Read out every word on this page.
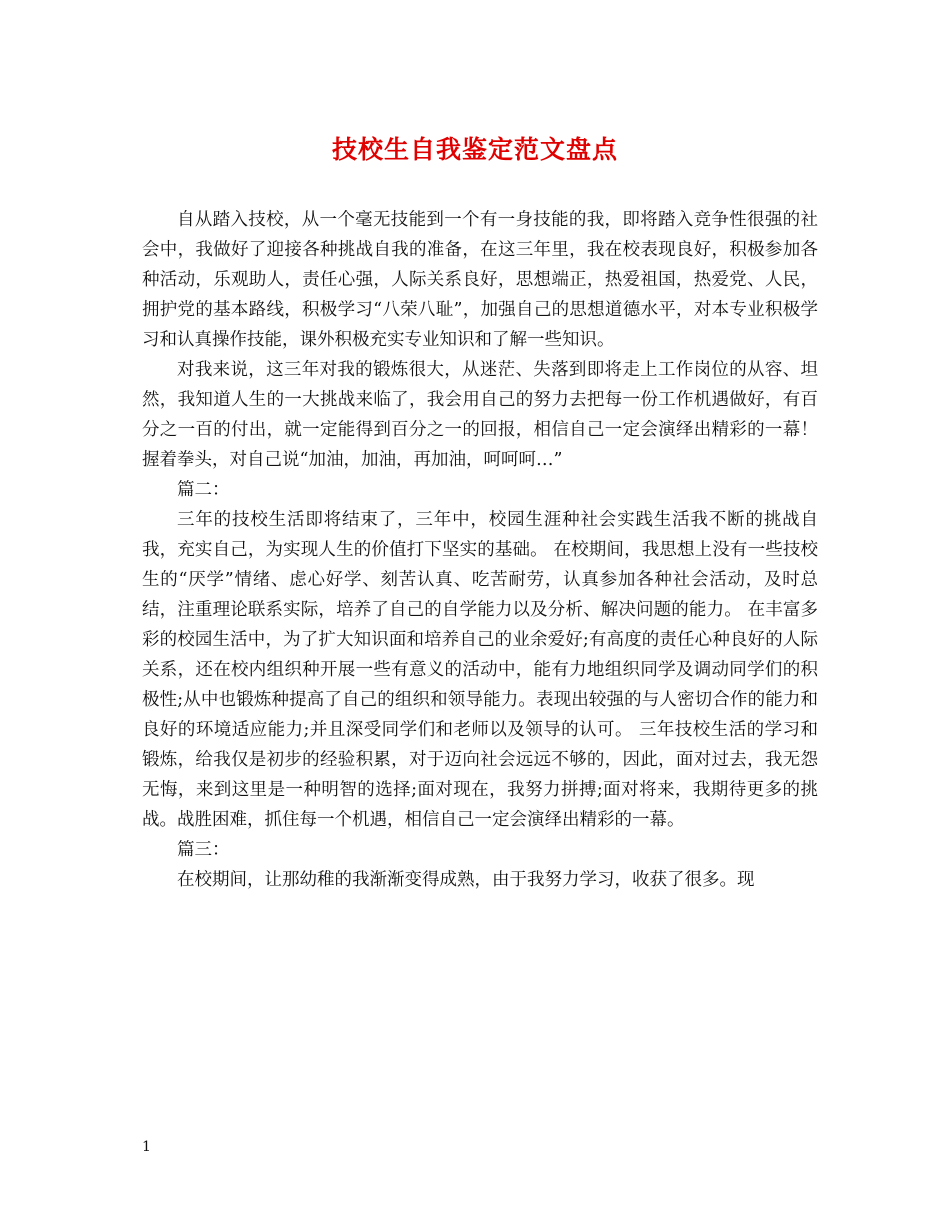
技校生自我鉴定范文盘点

自从踏入技校，从一个毫无技能到一个有一身技能的我，即将踏入竞争性很强的社会中，我做好了迎接各种挑战自我的准备，在这三年里，我在校表现良好，积极参加各种活动，乐观助人，责任心强，人际关系良好，思想端正，热爱祖国，热爱党、人民，拥护党的基本路线，积极学习“八荣八耻”，加强自己的思想道德水平，对本专业积极学习和认真操作技能，课外积极充实专业知识和了解一些知识。

对我来说，这三年对我的锻炼很大，从迷茫、失落到即将走上工作岗位的从容、坦然，我知道人生的一大挑战来临了，我会用自己的努力去把每一份工作机遇做好，有百分之一百的付出，就一定能得到百分之一的回报，相信自己一定会演绎出精彩的一幕！握着拳头，对自己说“加油，加油，再加油，呵呵呵…”

篇二：

三年的技校生活即将结束了，三年中，校园生涯种社会实践生活我不断的挑战自我，充实自己，为实现人生的价值打下坚实的基础。 在校期间，我思想上没有一些技校生的“厌学”情绪、虑心好学、刻苦认真、吃苦耐劳，认真参加各种社会活动，及时总结，注重理论联系实际，培养了自己的自学能力以及分析、解决问题的能力。 在丰富多彩的校园生活中，为了扩大知识面和培养自己的业余爱好;有高度的责任心种良好的人际关系，还在校内组织种开展一些有意义的活动中，能有力地组织同学及调动同学们的积极性;从中也锻炼种提高了自己的组织和领导能力。表现出较强的与人密切合作的能力和良好的环境适应能力;并且深受同学们和老师以及领导的认可。 三年技校生活的学习和锻炼，给我仅是初步的经验积累，对于迈向社会远远不够的，因此，面对过去，我无怨无悔，来到这里是一种明智的选择;面对现在，我努力拼搏;面对将来，我期待更多的挑战。战胜困难，抓住每一个机遇，相信自己一定会演绎出精彩的一幕。

篇三：

在校期间，让那幼稚的我渐渐变得成熟，由于我努力学习，收获了很多。现

1
